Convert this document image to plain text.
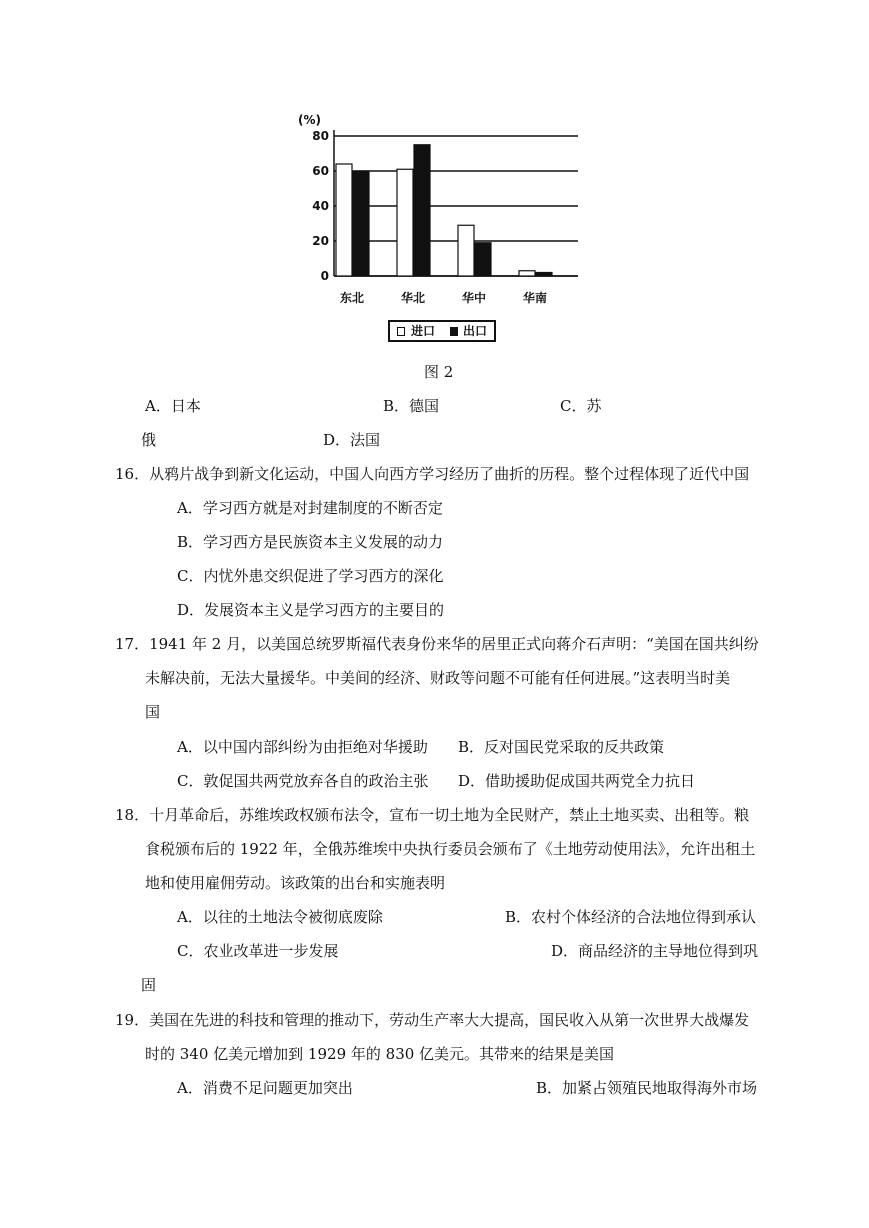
(%)
80
60
40
20
0
东北	华北	华中	华南
进口 出口
图 2
A．日本	B．德国	C．苏
俄	D．法国
16．从鸦片战争到新文化运动，中国人向西方学习经历了曲折的历程。整个过程体现了近代中国
A．学习西方就是对封建制度的不断否定
B．学习西方是民族资本主义发展的动力
C．内忧外患交织促进了学习西方的深化
D．发展资本主义是学习西方的主要目的
17．1941 年 2 月，以美国总统罗斯福代表身份来华的居里正式向蒋介石声明：“美国在国共纠纷
未解决前，无法大量援华。中美间的经济、财政等问题不可能有任何进展。”这表明当时美
国
A．以中国内部纠纷为由拒绝对华援助 B．反对国民党采取的反共政策
C．敦促国共两党放弃各自的政治主张 D．借助援助促成国共两党全力抗日
18．十月革命后，苏维埃政权颁布法令，宣布一切土地为全民财产，禁止土地买卖、出租等。粮
食税颁布后的 1922 年，全俄苏维埃中央执行委员会颁布了《土地劳动使用法》，允许出租土
地和使用雇佣劳动。该政策的出台和实施表明
A．以往的土地法令被彻底废除	B．农村个体经济的合法地位得到承认
C．农业改革进一步发展	D．商品经济的主导地位得到巩
固
19．美国在先进的科技和管理的推动下，劳动生产率大大提高，国民收入从第一次世界大战爆发
时的 340 亿美元增加到 1929 年的 830 亿美元。其带来的结果是美国
A．消费不足问题更加突出	B．加紧占领殖民地取得海外市场
